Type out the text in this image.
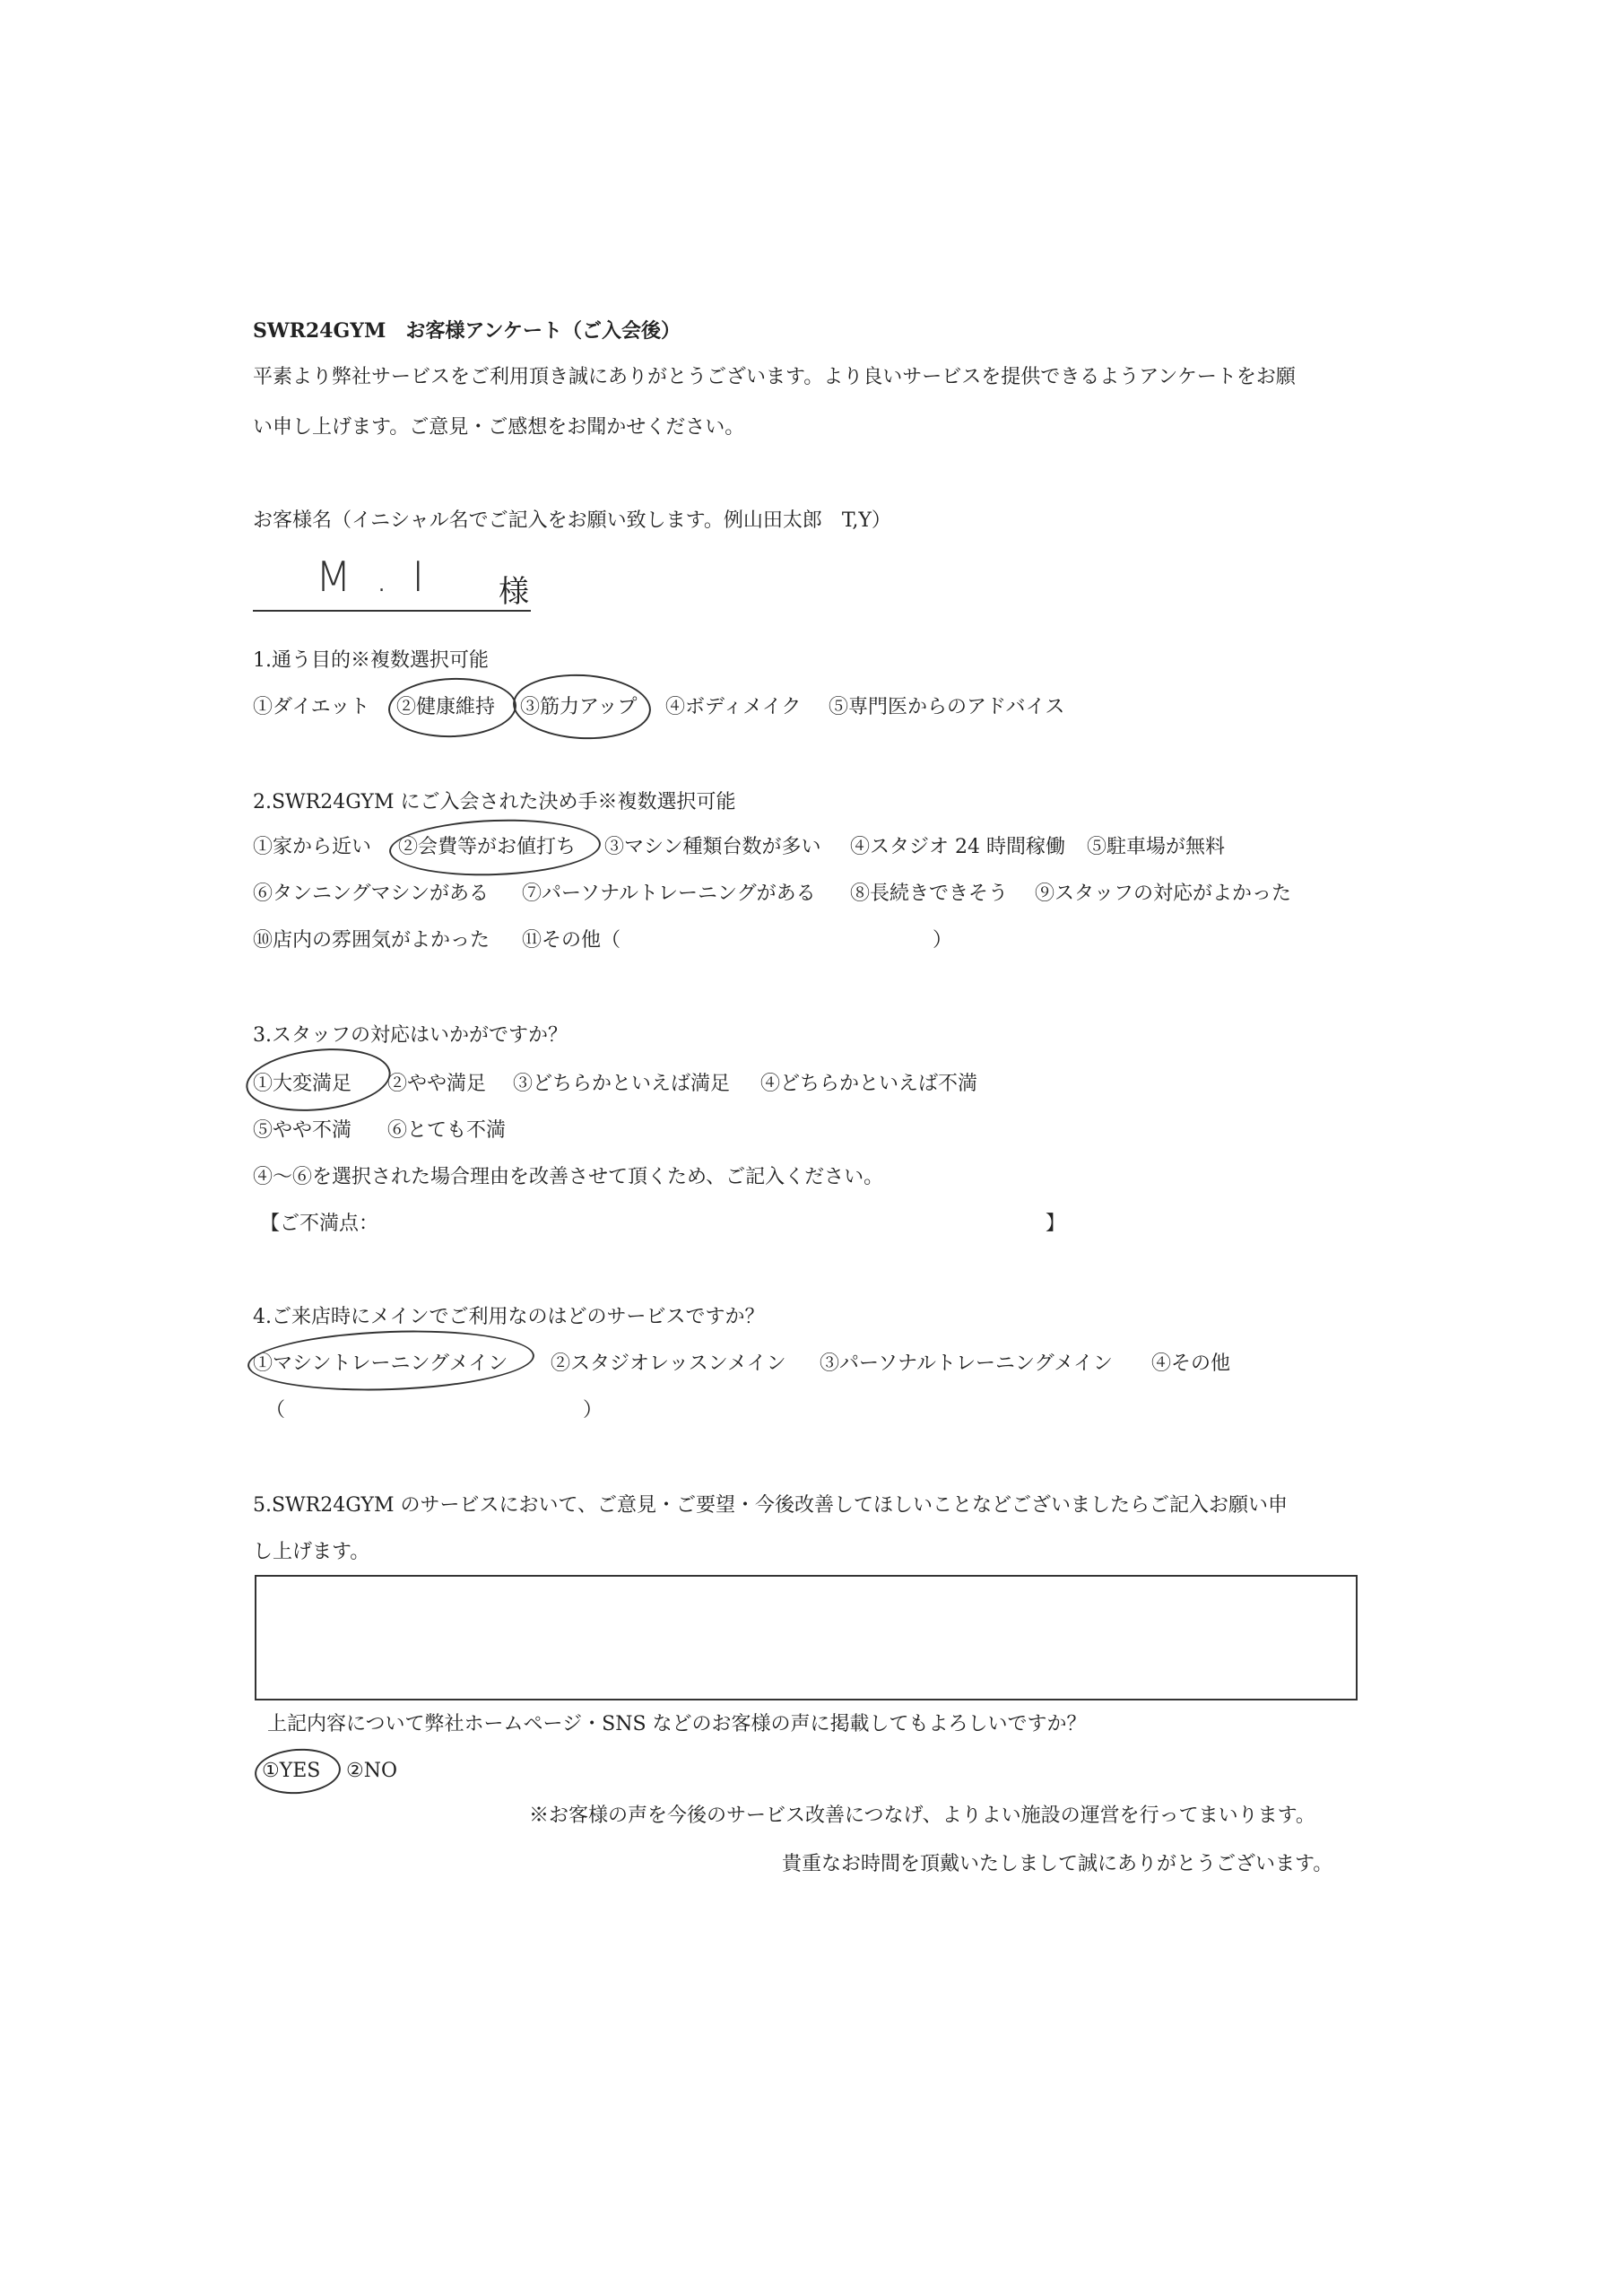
SWR24GYM　お客様アンケート（ご入会後）
平素より弊社サービスをご利用頂き誠にありがとうございます。より良いサービスを提供できるようアンケートをお願
い申し上げます。ご意見・ご感想をお聞かせください。
お客様名（イニシャル名でご記入をお願い致します。例山田太郎　T,Y）
M . I 様
1.通う目的※複数選択可能
①ダイエット ②健康維持 ③筋力アップ ④ボディメイク ⑤専門医からのアドバイス
2.SWR24GYM にご入会された決め手※複数選択可能
①家から近い ②会費等がお値打ち ③マシン種類台数が多い ④スタジオ 24 時間稼働 ⑤駐車場が無料
⑥タンニングマシンがある ⑦パーソナルトレーニングがある ⑧長続きできそう ⑨スタッフの対応がよかった
⑩店内の雰囲気がよかった ⑪その他（	）
3.スタッフの対応はいかがですか？
①大変満足 ②やや満足 ③どちらかといえば満足 ④どちらかといえば不満
⑤やや不満 ⑥とても不満
④～⑥を選択された場合理由を改善させて頂くため、ご記入ください。
【ご不満点：	】
4.ご来店時にメインでご利用なのはどのサービスですか？
①マシントレーニングメイン ②スタジオレッスンメイン ③パーソナルトレーニングメイン ④その他
（	）
5.SWR24GYM のサービスにおいて、ご意見・ご要望・今後改善してほしいことなどございましたらご記入お願い申
し上げます。
上記内容について弊社ホームページ・SNS などのお客様の声に掲載してもよろしいですか？
①YES ②NO
※お客様の声を今後のサービス改善につなげ、よりよい施設の運営を行ってまいります。
貴重なお時間を頂戴いたしまして誠にありがとうございます。
